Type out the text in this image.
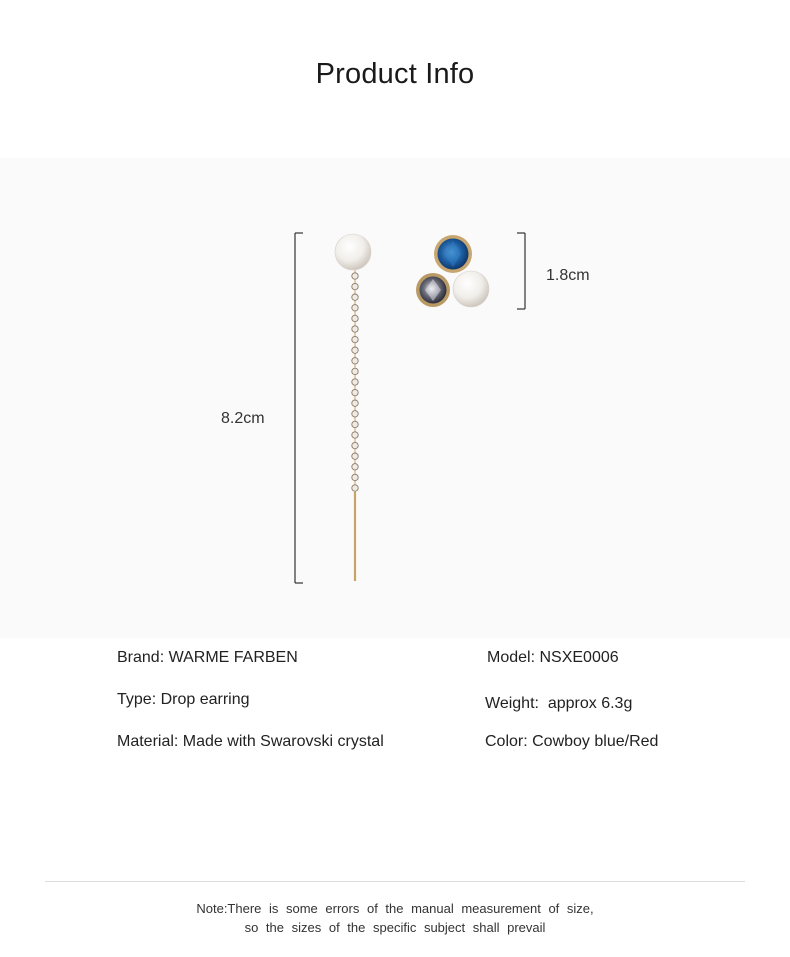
Product Info
8.2cm
1.8cm
Brand: WARME FARBEN	Model: NSXE0006
Type: Drop earring	Weight:  approx 6.3g
Material: Made with Swarovski crystal	Color: Cowboy blue/Red
Note:There is some errors of the manual measurement of size,
so the sizes of the specific subject shall prevail
